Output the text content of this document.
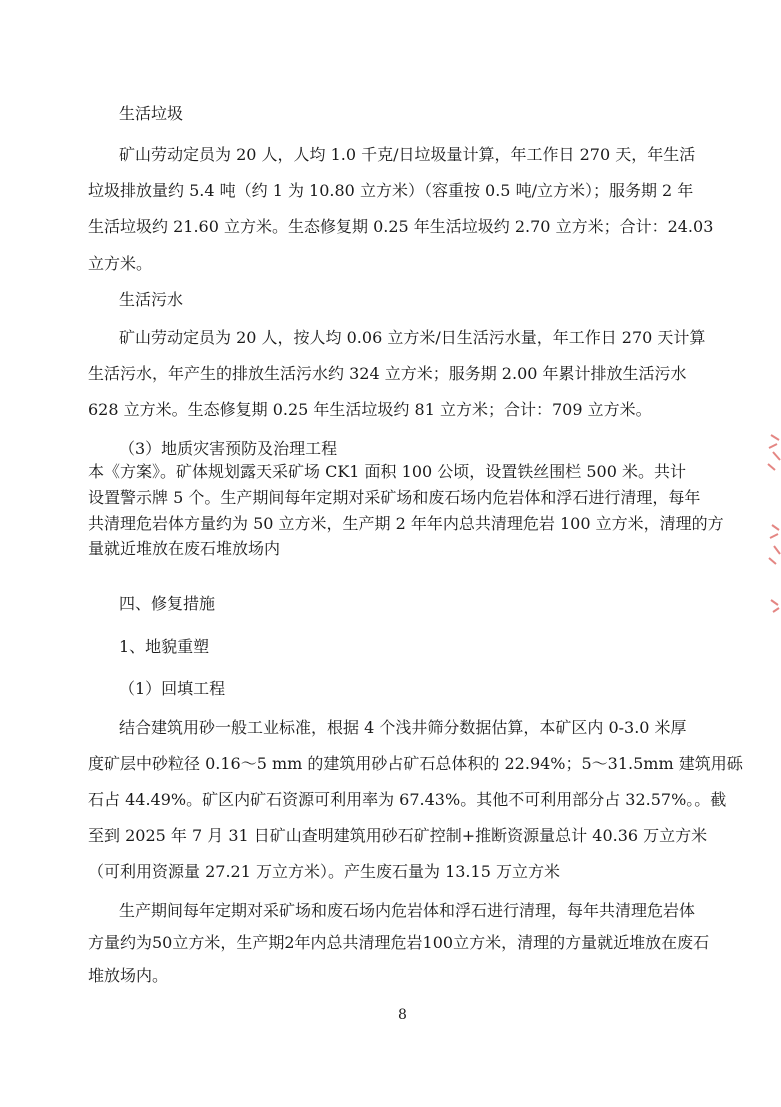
生活垃圾
矿山劳动定员为 20 人，人均 1.0 千克/日垃圾量计算，年工作日 270 天，年生活
垃圾排放量约 5.4 吨（约 1 为 10.80 立方米）（容重按 0.5 吨/立方米）；服务期 2 年
生活垃圾约 21.60 立方米。生态修复期 0.25 年生活垃圾约 2.70 立方米；合计：24.03
立方米。
生活污水
矿山劳动定员为 20 人，按人均 0.06 立方米/日生活污水量，年工作日 270 天计算
生活污水，年产生的排放生活污水约 324 立方米；服务期 2.00 年累计排放生活污水
628 立方米。生态修复期 0.25 年生活垃圾约 81 立方米；合计：709 立方米。
（3）地质灾害预防及治理工程
本《方案》。矿体规划露天采矿场 CK1 面积 100 公顷，设置铁丝围栏 500 米。共计
设置警示牌 5 个。生产期间每年定期对采矿场和废石场内危岩体和浮石进行清理，每年
共清理危岩体方量约为 50 立方米，生产期 2 年年内总共清理危岩 100 立方米，清理的方
量就近堆放在废石堆放场内
四、修复措施
1、地貌重塑
（1）回填工程
结合建筑用砂一般工业标准，根据 4 个浅井筛分数据估算，本矿区内 0-3.0 米厚
度矿层中砂粒径 0.16～5 mm 的建筑用砂占矿石总体积的 22.94%；5～31.5mm 建筑用砾
石占 44.49%。矿区内矿石资源可利用率为 67.43%。其他不可利用部分占 32.57%。。截
至到 2025 年 7 月 31 日矿山查明建筑用砂石矿控制+推断资源量总计 40.36 万立方米
（可利用资源量 27.21 万立方米）。产生废石量为 13.15 万立方米
生产期间每年定期对采矿场和废石场内危岩体和浮石进行清理，每年共清理危岩体
方量约为50立方米，生产期2年内总共清理危岩100立方米，清理的方量就近堆放在废石
堆放场内。
8
